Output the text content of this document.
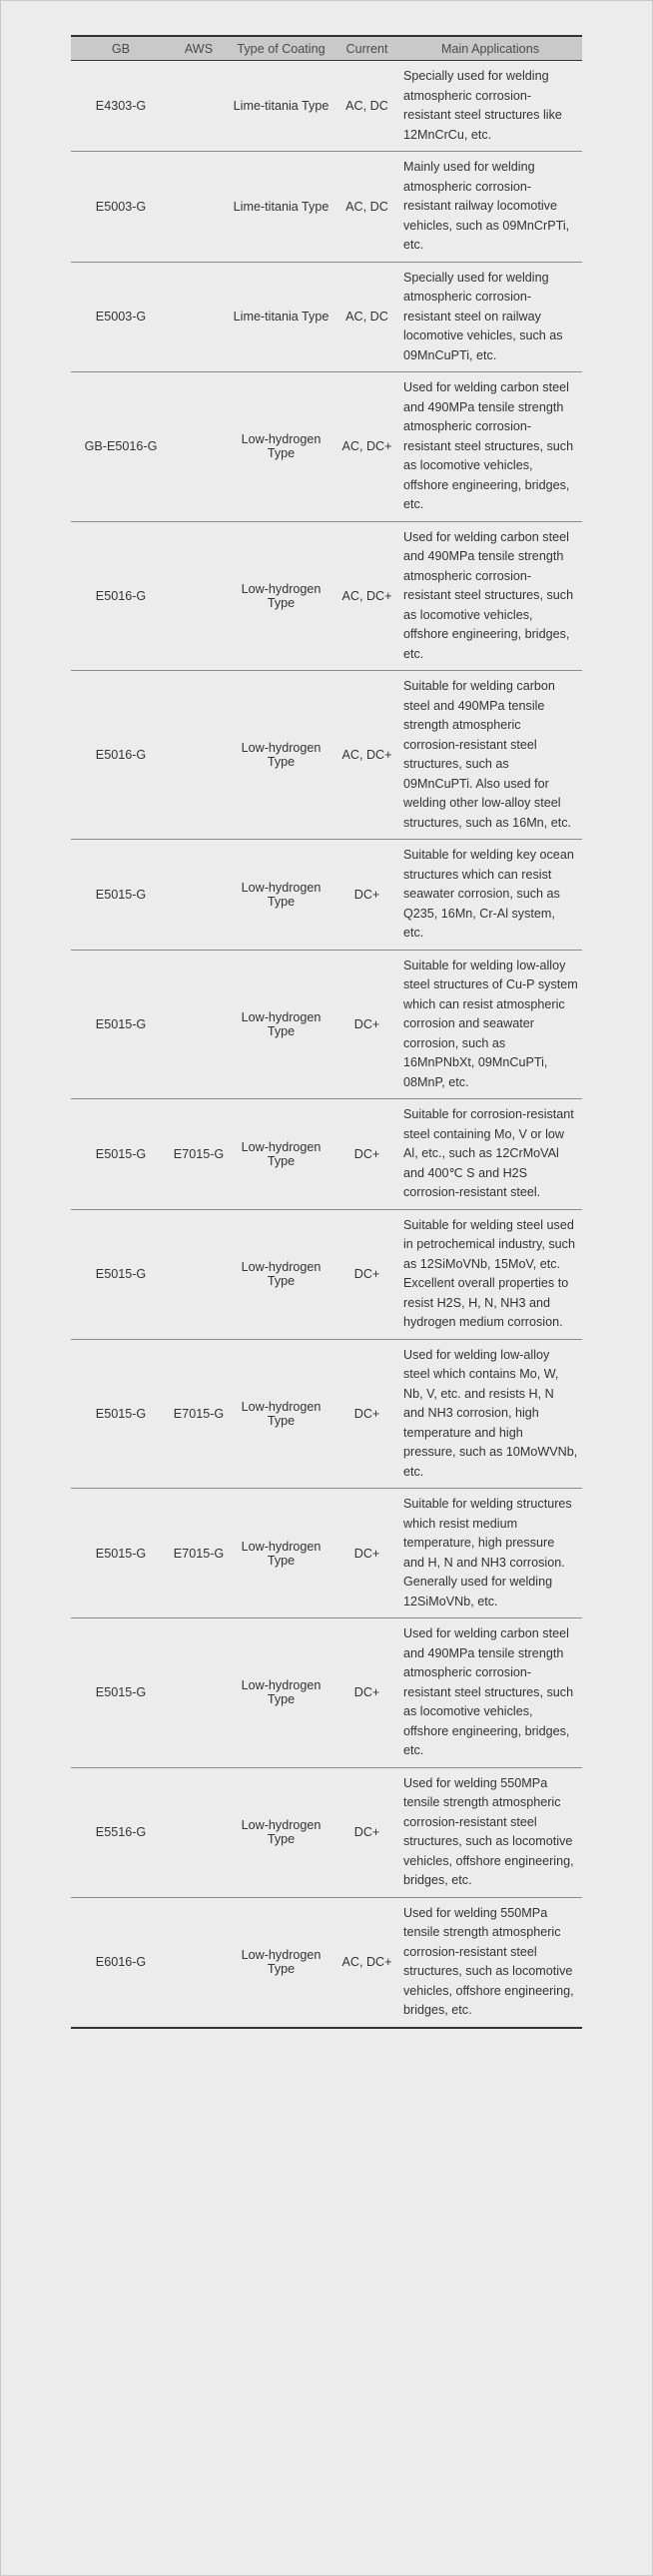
GB	AWS	Type of Coating	Current	Main Applications
E4303-G		Lime-titania Type	AC, DC	Specially used for welding atmospheric corrosion-resistant steel structures like 12MnCrCu, etc.
E5003-G		Lime-titania Type	AC, DC	Mainly used for welding atmospheric corrosion-resistant railway locomotive vehicles, such as 09MnCrPTi, etc.
E5003-G		Lime-titania Type	AC, DC	Specially used for welding atmospheric corrosion-resistant steel on railway locomotive vehicles, such as 09MnCuPTi, etc.
GB-E5016-G		Low-hydrogen Type	AC, DC+	Used for welding carbon steel and 490MPa tensile strength atmospheric corrosion-resistant steel structures, such as locomotive vehicles, offshore engineering, bridges, etc.
E5016-G		Low-hydrogen Type	AC, DC+	Used for welding carbon steel and 490MPa tensile strength atmospheric corrosion-resistant steel structures, such as locomotive vehicles, offshore engineering, bridges, etc.
E5016-G		Low-hydrogen Type	AC, DC+	Suitable for welding carbon steel and 490MPa tensile strength atmospheric corrosion-resistant steel structures, such as 09MnCuPTi. Also used for welding other low-alloy steel structures, such as 16Mn, etc.
E5015-G		Low-hydrogen Type	DC+	Suitable for welding key ocean structures which can resist seawater corrosion, such as Q235, 16Mn, Cr-Al system, etc.
E5015-G		Low-hydrogen Type	DC+	Suitable for welding low-alloy steel structures of Cu-P system which can resist atmospheric corrosion and seawater corrosion, such as 16MnPNbXt, 09MnCuPTi, 08MnP, etc.
E5015-G	E7015-G	Low-hydrogen Type	DC+	Suitable for corrosion-resistant steel containing Mo, V or low Al, etc., such as 12CrMoVAl and 400℃ S and H2S corrosion-resistant steel.
E5015-G		Low-hydrogen Type	DC+	Suitable for welding steel used in petrochemical industry, such as 12SiMoVNb, 15MoV, etc. Excellent overall properties to resist H2S, H, N, NH3 and hydrogen medium corrosion.
E5015-G	E7015-G	Low-hydrogen Type	DC+	Used for welding low-alloy steel which contains Mo, W, Nb, V, etc. and resists H, N and NH3 corrosion, high temperature and high pressure, such as 10MoWVNb, etc.
E5015-G	E7015-G	Low-hydrogen Type	DC+	Suitable for welding structures which resist medium temperature, high pressure and H, N and NH3 corrosion. Generally used for welding 12SiMoVNb, etc.
E5015-G		Low-hydrogen Type	DC+	Used for welding carbon steel and 490MPa tensile strength atmospheric corrosion-resistant steel structures, such as locomotive vehicles, offshore engineering, bridges, etc.
E5516-G		Low-hydrogen Type	DC+	Used for welding 550MPa tensile strength atmospheric corrosion-resistant steel structures, such as locomotive vehicles, offshore engineering, bridges, etc.
E6016-G		Low-hydrogen Type	AC, DC+	Used for welding 550MPa tensile strength atmospheric corrosion-resistant steel structures, such as locomotive vehicles, offshore engineering, bridges, etc.
